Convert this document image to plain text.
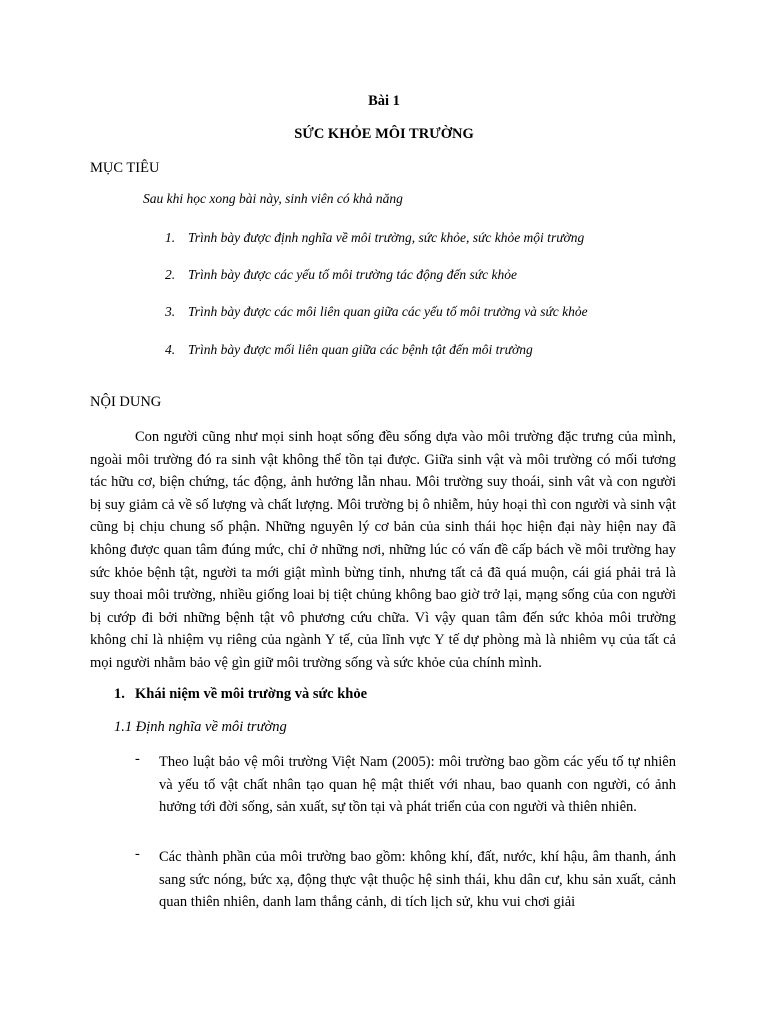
Bài 1
SỨC KHỎE MÔI TRƯỜNG
MỤC TIÊU
Sau khi học xong bài này, sinh viên có khả năng
1. Trình bày được định nghĩa về môi trường, sức khỏe, sức khỏe mội trường
2. Trình bày được các yếu tố môi trường tác động đến sức khỏe
3. Trình bày được các môi liên quan giữa các yếu tố môi trường và sức khỏe
4. Trình bày được mối liên quan giữa các bệnh tật đến môi trường
NỘI DUNG
Con người cũng như mọi sinh hoạt sống đều sống dựa vào môi trường đặc trưng của mình, ngoài môi trường đó ra sinh vật không thể tồn tại được. Giữa sinh vật và môi trường có mối tương tác hữu cơ, biện chứng, tác động, ảnh hưởng lẫn nhau. Môi trường suy thoái, sinh vât và con người bị suy giảm cả về số lượng và chất lượng. Môi trường bị ô nhiễm, hủy hoại thì con người và sinh vật cũng bị chịu chung số phận. Những nguyên lý cơ bản của sinh thái học hiện đại này hiện nay đã không được quan tâm đúng mức, chỉ ở những nơi, những lúc có vấn đề cấp bách về môi trường hay sức khỏe bệnh tật, người ta mới giật mình bừng tỉnh, nhưng tất cả đã quá muộn, cái giá phải trả là suy thoai môi trường, nhiều giống loai bị tiệt chủng không bao giờ trở lại, mạng sống của con người bị cướp đi bởi những bệnh tật vô phương cứu chữa. Vì vậy quan tâm đến sức khỏa môi trường không chỉ là nhiệm vụ riêng của ngành Y tế, của lĩnh vực Y tế dự phòng mà là nhiêm vụ của tất cả mọi người nhằm bảo vệ gìn giữ môi trường sống và sức khỏe của chính mình.
1. Khái niệm về môi trường và sức khỏe
1.1 Định nghĩa về môi trường
- Theo luật bảo vệ môi trường Việt Nam (2005): môi trường bao gồm các yếu tố tự nhiên và yếu tố vật chất nhân tạo quan hệ mật thiết với nhau, bao quanh con người, có ảnh hưởng tới đời sống, sản xuất, sự tồn tại và phát triển của con người và thiên nhiên.
- Các thành phần của môi trường bao gồm: không khí, đất, nước, khí hậu, âm thanh, ánh sang sức nóng, bức xạ, động thực vật thuộc hệ sinh thái, khu dân cư, khu sản xuất, cảnh quan thiên nhiên, danh lam thắng cảnh, di tích lịch sử, khu vui chơi giải
